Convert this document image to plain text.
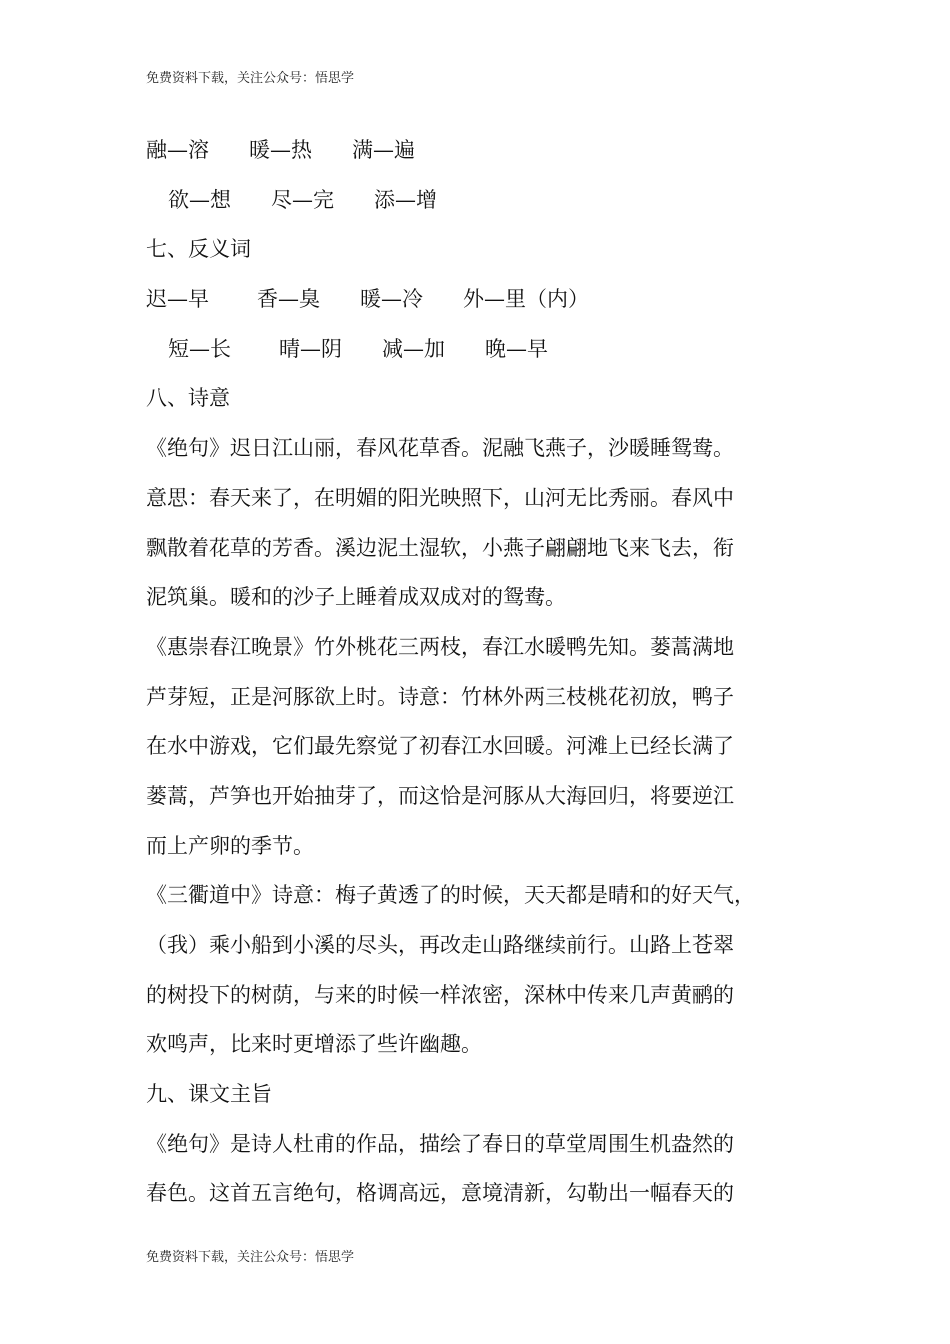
免费资料下载，关注公众号：悟思学
融—溶 暖—热 满—遍
欲—想 尽—完 添—增
七、反义词
迟—早 香—臭 暖—冷 外—里（内）
短—长 晴—阴 减—加 晚—早
八、诗意
《绝句》迟日江山丽，春风花草香。泥融飞燕子，沙暖睡鸳鸯。
意思：春天来了，在明媚的阳光映照下，山河无比秀丽。春风中
飘散着花草的芳香。溪边泥土湿软，小燕子翩翩地飞来飞去，衔
泥筑巢。暖和的沙子上睡着成双成对的鸳鸯。
《惠崇春江晚景》竹外桃花三两枝，春江水暖鸭先知。蒌蒿满地
芦芽短，正是河豚欲上时。诗意：竹林外两三枝桃花初放，鸭子
在水中游戏，它们最先察觉了初春江水回暖。河滩上已经长满了
蒌蒿，芦笋也开始抽芽了，而这恰是河豚从大海回归，将要逆江
而上产卵的季节。
《三衢道中》诗意：梅子黄透了的时候，天天都是晴和的好天气，
（我）乘小船到小溪的尽头，再改走山路继续前行。山路上苍翠
的树投下的树荫，与来的时候一样浓密，深林中传来几声黄鹂的
欢鸣声，比来时更增添了些许幽趣。
九、课文主旨
《绝句》是诗人杜甫的作品，描绘了春日的草堂周围生机盎然的
春色。这首五言绝句，格调高远，意境清新，勾勒出一幅春天的
免费资料下载，关注公众号：悟思学
